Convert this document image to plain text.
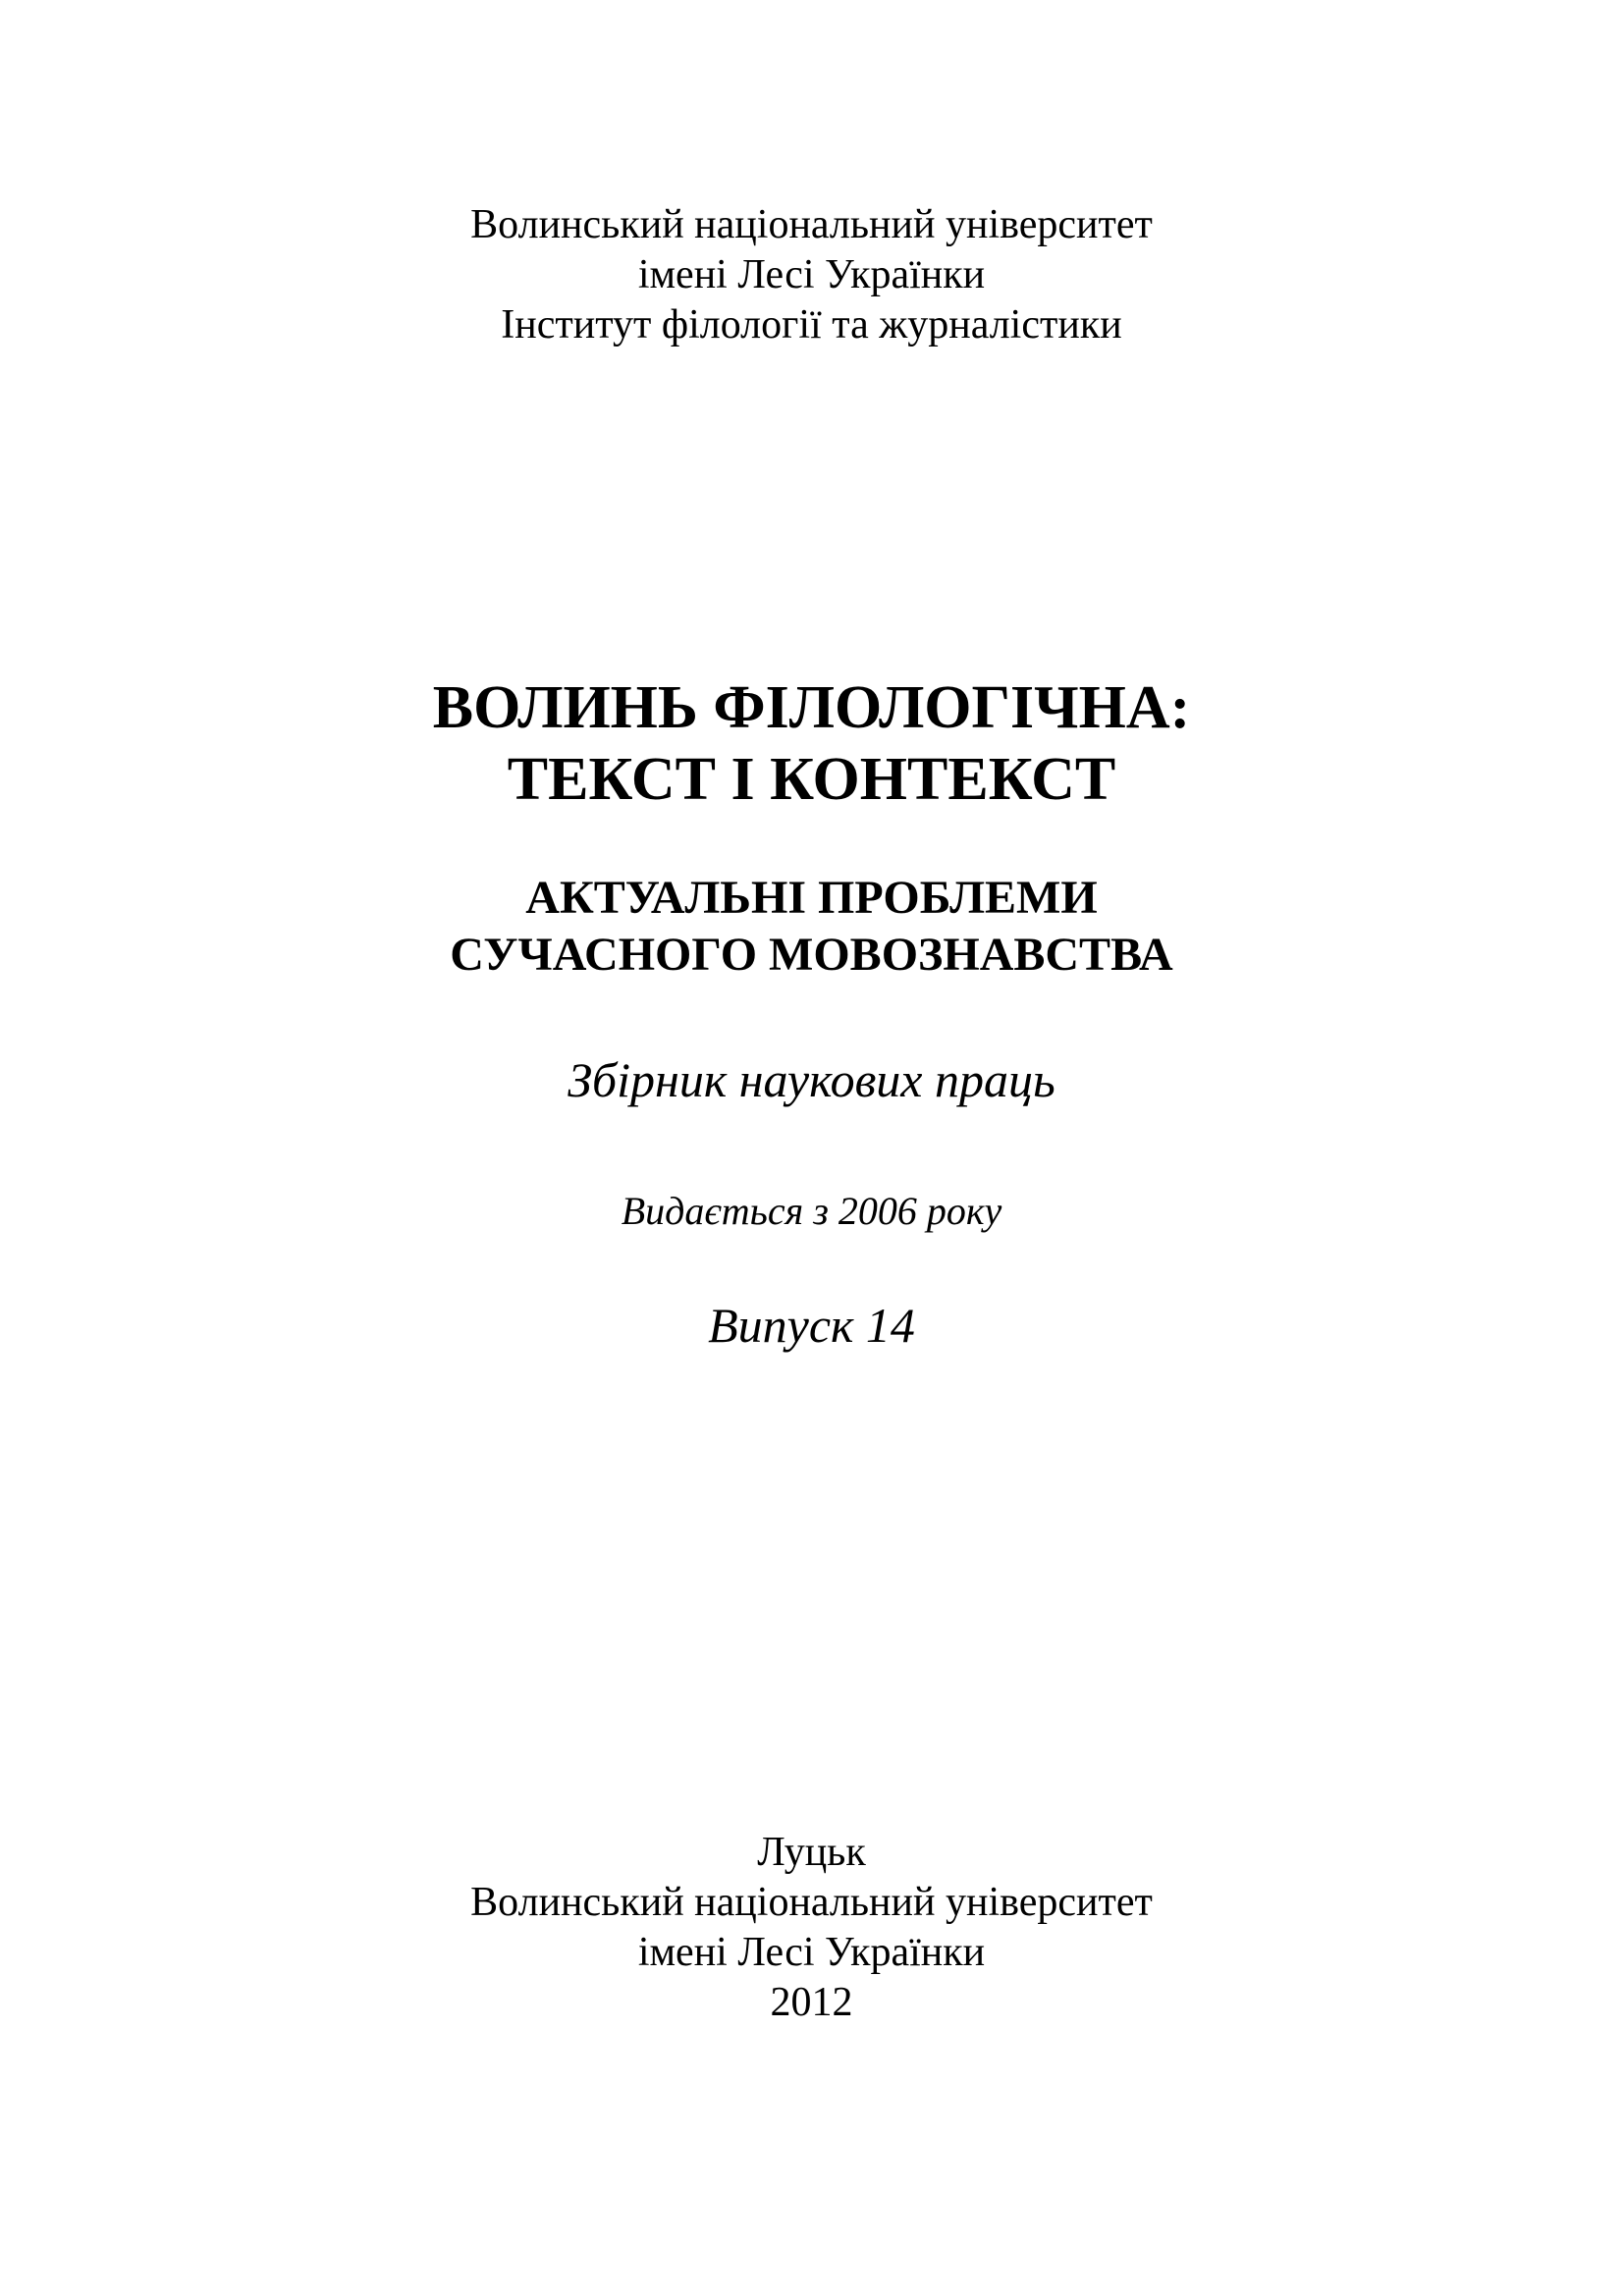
Волинський національний університет
імені Лесі Українки
Інститут філології та журналістики
ВОЛИНЬ ФІЛОЛОГІЧНА:
ТЕКСТ І КОНТЕКСТ
АКТУАЛЬНІ ПРОБЛЕМИ
СУЧАСНОГО МОВОЗНАВСТВА
Збірник наукових праць
Видається з 2006 року
Випуск 14
Луцьк
Волинський національний університет
імені Лесі Українки
2012
